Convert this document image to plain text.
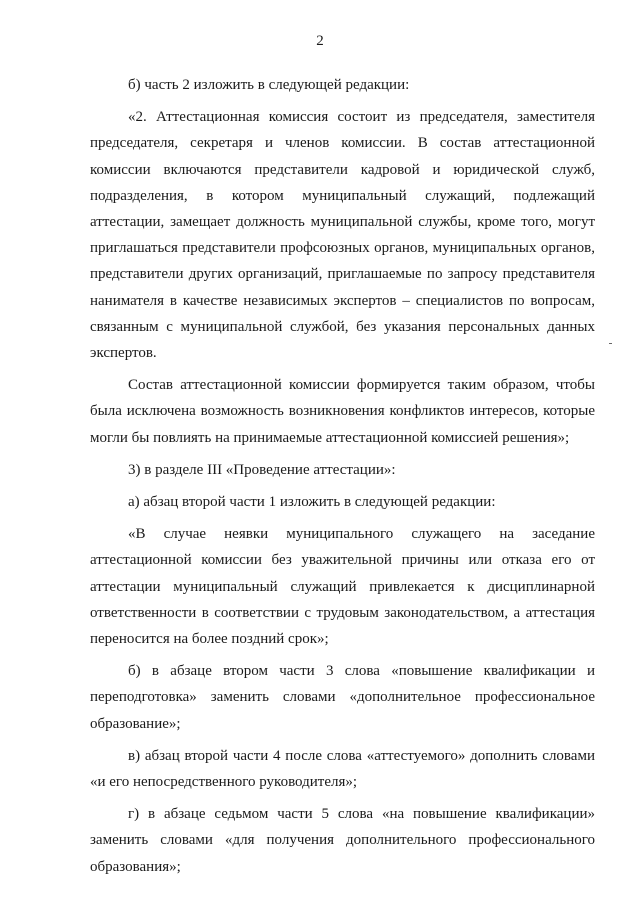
2

б) часть 2 изложить в следующей редакции:

«2. Аттестационная комиссия состоит из председателя, заместителя председателя, секретаря и членов комиссии. В состав аттестационной комиссии включаются представители кадровой и юридической служб, подразделения, в котором муниципальный служащий, подлежащий аттестации, замещает должность муниципальной службы, кроме того, могут приглашаться представители профсоюзных органов, муниципальных органов, представители других организаций, приглашаемые по запросу представителя нанимателя в качестве независимых экспертов – специалистов по вопросам, связанным с муниципальной службой, без указания персональных данных экспертов.

Состав аттестационной комиссии формируется таким образом, чтобы была исключена возможность возникновения конфликтов интересов, которые могли бы повлиять на принимаемые аттестационной комиссией решения»;

3) в разделе III «Проведение аттестации»:

а) абзац второй части 1 изложить в следующей редакции:

«В случае неявки муниципального служащего на заседание аттестационной комиссии без уважительной причины или отказа его от аттестации муниципальный служащий привлекается к дисциплинарной ответственности в соответствии с трудовым законодательством, а аттестация переносится на более поздний срок»;

б) в абзаце втором части 3 слова «повышение квалификации и переподготовка» заменить словами «дополнительное профессиональное образование»;

в) абзац второй части 4 после слова «аттестуемого» дополнить словами «и его непосредственного руководителя»;

г) в абзаце седьмом части 5 слова «на повышение квалификации» заменить словами «для получения дополнительного профессионального образования»;
